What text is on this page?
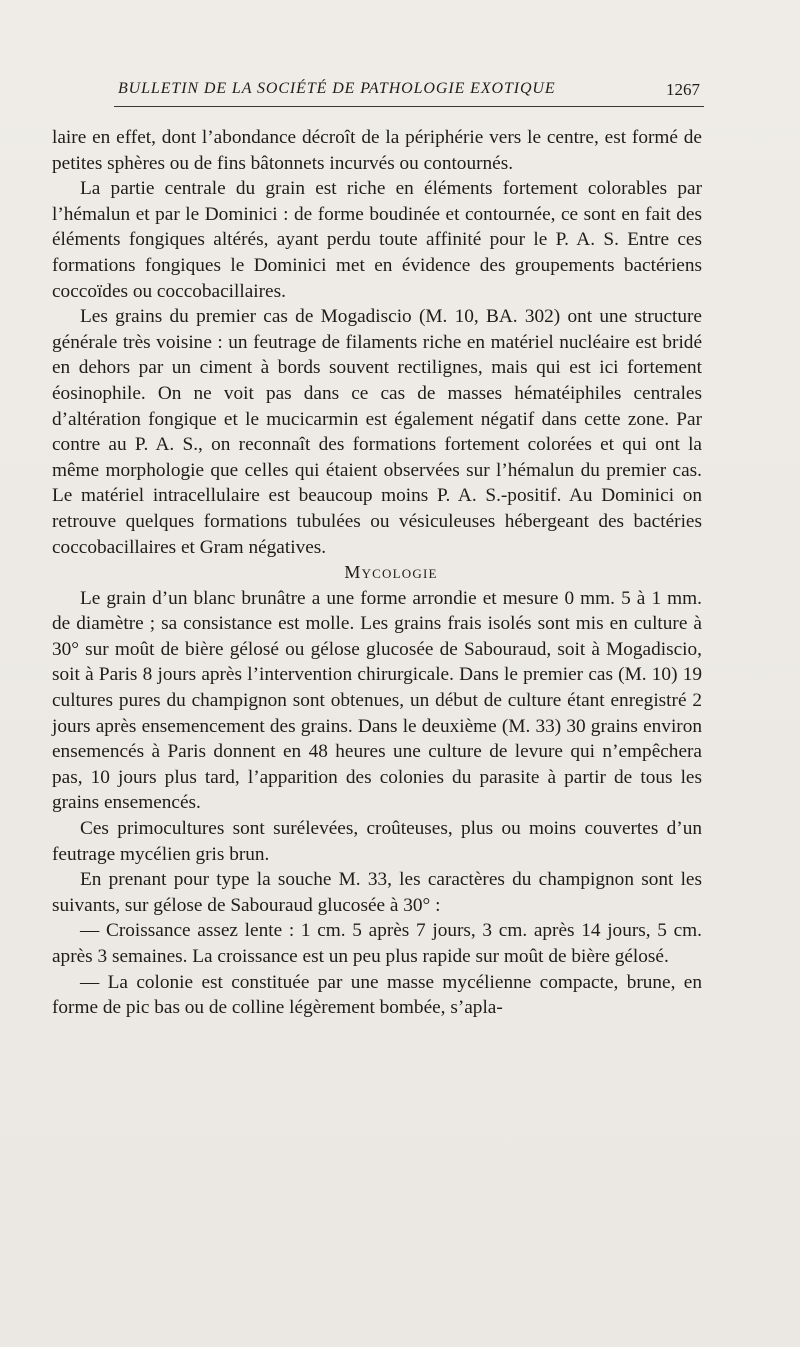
BULLETIN DE LA SOCIÉTÉ DE PATHOLOGIE EXOTIQUE	1267

laire en effet, dont l’abondance décroît de la périphérie vers le centre, est formé de petites sphères ou de fins bâtonnets incurvés ou contournés.

La partie centrale du grain est riche en éléments fortement colorables par l’hémalun et par le Dominici : de forme boudinée et contournée, ce sont en fait des éléments fongiques altérés, ayant perdu toute affinité pour le P. A. S. Entre ces formations fongiques le Dominici met en évidence des groupements bactériens coccoïdes ou coccobacillaires.

Les grains du premier cas de Mogadiscio (M. 10, BA. 302) ont une structure générale très voisine : un feutrage de filaments riche en matériel nucléaire est bridé en dehors par un ciment à bords souvent rectilignes, mais qui est ici fortement éosinophile. On ne voit pas dans ce cas de masses hématéiphiles centrales d’altération fongique et le mucicarmin est également négatif dans cette zone. Par contre au P. A. S., on reconnaît des formations fortement colorées et qui ont la même morphologie que celles qui étaient observées sur l’hémalun du premier cas. Le matériel intracellulaire est beaucoup moins P. A. S.-positif. Au Dominici on retrouve quelques formations tubulées ou vésiculeuses hébergeant des bactéries coccobacillaires et Gram négatives.

Mycologie

Le grain d’un blanc brunâtre a une forme arrondie et mesure 0 mm. 5 à 1 mm. de diamètre ; sa consistance est molle. Les grains frais isolés sont mis en culture à 30° sur moût de bière gélosé ou gélose glucosée de Sabouraud, soit à Mogadiscio, soit à Paris 8 jours après l’intervention chirurgicale. Dans le premier cas (M. 10) 19 cultures pures du champignon sont obtenues, un début de culture étant enregistré 2 jours après ensemencement des grains. Dans le deuxième (M. 33) 30 grains environ ensemencés à Paris donnent en 48 heures une culture de levure qui n’empêchera pas, 10 jours plus tard, l’apparition des colonies du parasite à partir de tous les grains ensemencés.

Ces primocultures sont surélevées, croûteuses, plus ou moins couvertes d’un feutrage mycélien gris brun.

En prenant pour type la souche M. 33, les caractères du champignon sont les suivants, sur gélose de Sabouraud glucosée à 30° :

— Croissance assez lente : 1 cm. 5 après 7 jours, 3 cm. après 14 jours, 5 cm. après 3 semaines. La croissance est un peu plus rapide sur moût de bière gélosé.

— La colonie est constituée par une masse mycélienne compacte, brune, en forme de pic bas ou de colline légèrement bombée, s’apla-
